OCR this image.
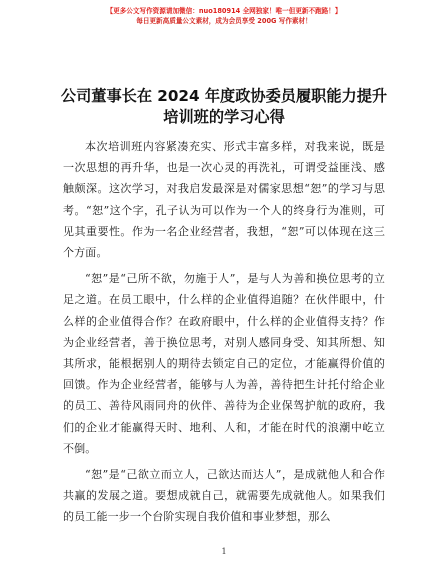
【更多公文写作资源请加微信：nuo180914 全网独家！唯一但更新不跑路！】
每日更新高质量公文素材，成为会员享受 200G 写作素材！
公司董事长在 2024 年度政协委员履职能力提升
培训班的学习心得

本次培训班内容紧凑充实、形式丰富多样，对我来说，既是一次思想的再升华，也是一次心灵的再洗礼，可谓受益匪浅、感触颇深。这次学习，对我启发最深是对儒家思想“恕”的学习与思考。“恕”这个字，孔子认为可以作为一个人的终身行为准则，可见其重要性。作为一名企业经营者，我想，“恕”可以体现在这三个方面。

“恕”是“己所不欲，勿施于人”，是与人为善和换位思考的立足之道。在员工眼中，什么样的企业值得追随？在伙伴眼中，什么样的企业值得合作？在政府眼中，什么样的企业值得支持？作为企业经营者，善于换位思考，对别人感同身受、知其所想、知其所求，能根据别人的期待去锁定自己的定位，才能赢得价值的回馈。作为企业经营者，能够与人为善，善待把生计托付给企业的员工、善待风雨同舟的伙伴、善待为企业保驾护航的政府，我们的企业才能赢得天时、地利、人和，才能在时代的浪潮中屹立不倒。

“恕”是“己欲立而立人，己欲达而达人”，是成就他人和合作共赢的发展之道。要想成就自己，就需要先成就他人。如果我们的员工能一步一个台阶实现自我价值和事业梦想，那么

1
